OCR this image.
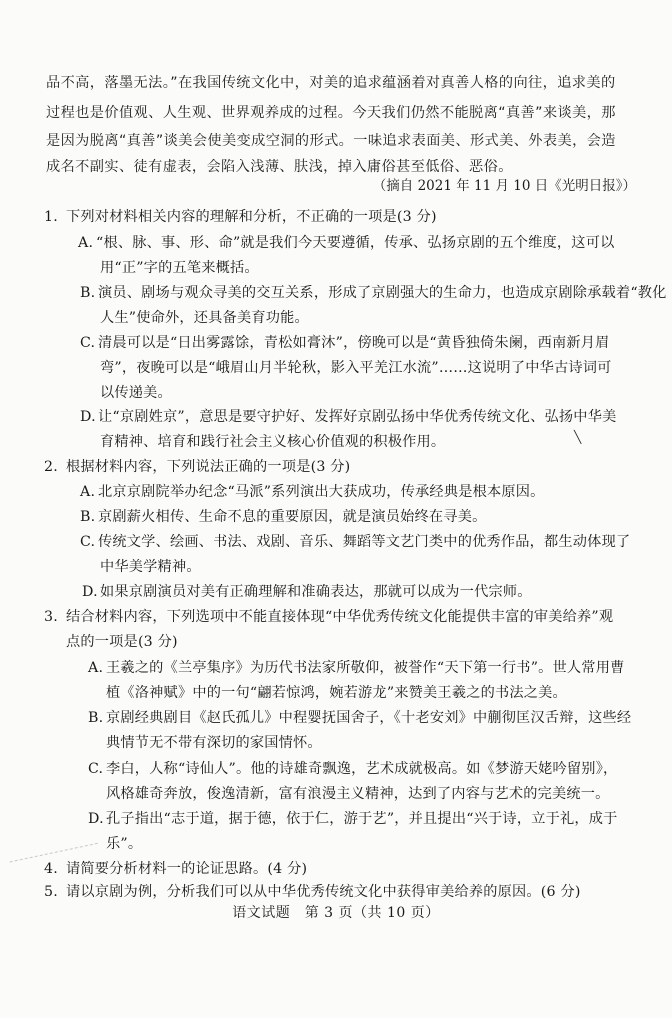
品不高，落墨无法。”在我国传统文化中，对美的追求蕴涵着对真善人格的向往，追求美的
过程也是价值观、人生观、世界观养成的过程。今天我们仍然不能脱离“真善”来谈美，那
是因为脱离“真善”谈美会使美变成空洞的形式。一味追求表面美、形式美、外表美，会造
成名不副实、徒有虚表，会陷入浅薄、肤浅，掉入庸俗甚至低俗、恶俗。
（摘自 2021 年 11 月 10 日《光明日报》）
1. 下列对材料相关内容的理解和分析，不正确的一项是(3 分)
A. “根、脉、事、形、命”就是我们今天要遵循，传承、弘扬京剧的五个维度，这可以
用“正”字的五笔来概括。
B. 演员、剧场与观众寻美的交互关系，形成了京剧强大的生命力，也造成京剧除承载着“教化
人生”使命外，还具备美育功能。
C. 清晨可以是“日出雾露馀，青松如膏沐”，傍晚可以是“黄昏独倚朱阑，西南新月眉
弯”，夜晚可以是“峨眉山月半轮秋，影入平羌江水流”……这说明了中华古诗词可
以传递美。
D. 让“京剧姓京”，意思是要守护好、发挥好京剧弘扬中华优秀传统文化、弘扬中华美
育精神、培育和践行社会主义核心价值观的积极作用。
2. 根据材料内容，下列说法正确的一项是(3 分)
A. 北京京剧院举办纪念“马派”系列演出大获成功，传承经典是根本原因。
B. 京剧薪火相传、生命不息的重要原因，就是演员始终在寻美。
C. 传统文学、绘画、书法、戏剧、音乐、舞蹈等文艺门类中的优秀作品，都生动体现了
中华美学精神。
D. 如果京剧演员对美有正确理解和准确表达，那就可以成为一代宗师。
3. 结合材料内容，下列选项中不能直接体现“中华优秀传统文化能提供丰富的审美给养”观
点的一项是(3 分)
A. 王羲之的《兰亭集序》为历代书法家所敬仰，被誉作“天下第一行书”。世人常用曹
植《洛神赋》中的一句“翩若惊鸿，婉若游龙”来赞美王羲之的书法之美。
B. 京剧经典剧目《赵氏孤儿》中程婴抚国舍子，《十老安刘》中蒯彻匡汉舌辩，这些经
典情节无不带有深切的家国情怀。
C. 李白，人称“诗仙人”。他的诗雄奇飘逸，艺术成就极高。如《梦游天姥吟留别》，
风格雄奇奔放，俊逸清新，富有浪漫主义精神，达到了内容与艺术的完美统一。
D. 孔子指出“志于道，据于德，依于仁，游于艺”，并且提出“兴于诗，立于礼，成于
乐”。
4. 请简要分析材料一的论证思路。(4 分)
5. 请以京剧为例，分析我们可以从中华优秀传统文化中获得审美给养的原因。(6 分)
语文试题　第 3 页（共 10 页）
╲
